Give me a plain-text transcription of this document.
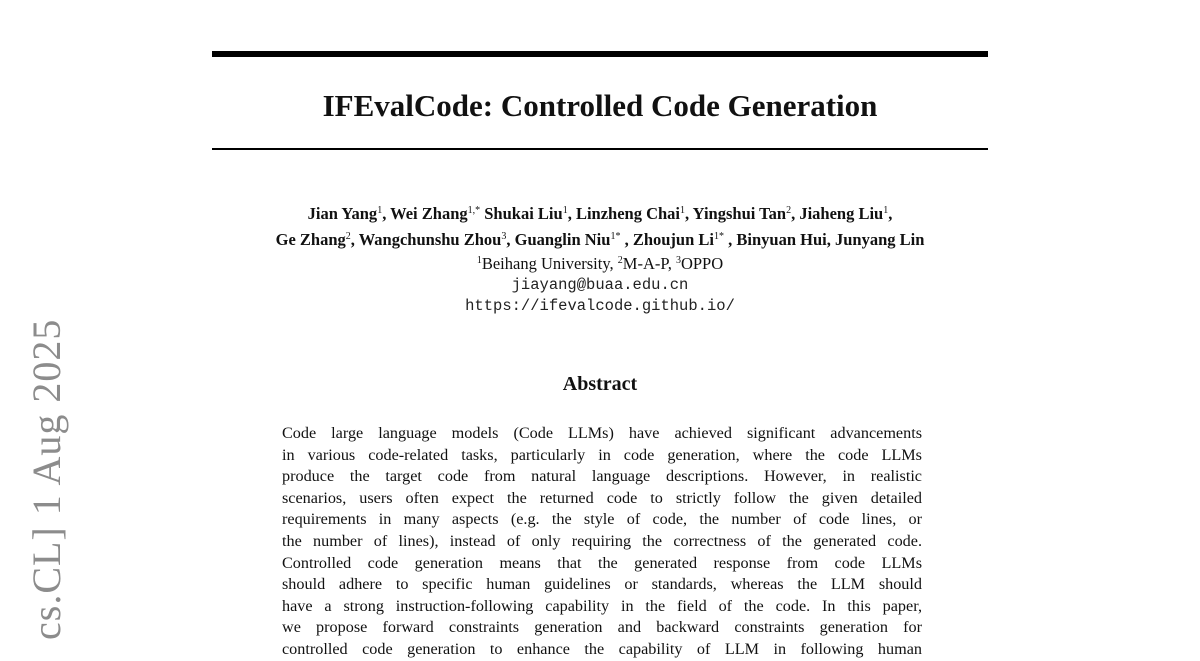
cs.CL] 1 Aug 2025
IFEvalCode: Controlled Code Generation
Jian Yang$^1$, Wei Zhang$^{1,*}$ Shukai Liu$^1$, Linzheng Chai$^1$, Yingshui Tan$^2$, Jiaheng Liu$^1$,
Ge Zhang$^2$, Wangchunshu Zhou$^3$, Guanglin Niu$^{1*}$ , Zhoujun $Li^{1*}$ , Binyuan Hui, Junyang Lin
$^1$Beihang University, $^2$M-A-P, $^3$OPPO
jiayang@buaa.edu.cn
https://ifevalcode.github.io/
Abstract
Code large language models (Code LLMs) have achieved significant advancements
in various code-related tasks, particularly in code generation, where the code LLMs
produce the target code from natural language descriptions. However, in realistic
scenarios, users often expect the returned code to strictly follow the given detailed
requirements in many aspects (e.g. the style of code, the number of code lines, or
the number of lines), instead of only requiring the correctness of the generated code.
Controlled code generation means that the generated response from code LLMs
should adhere to specific human guidelines or standards, whereas the LLM should
have a strong instruction-following capability in the field of the code. In this paper,
we propose forward constraints generation and backward constraints generation for
controlled code generation to enhance the capability of LLM in following human
